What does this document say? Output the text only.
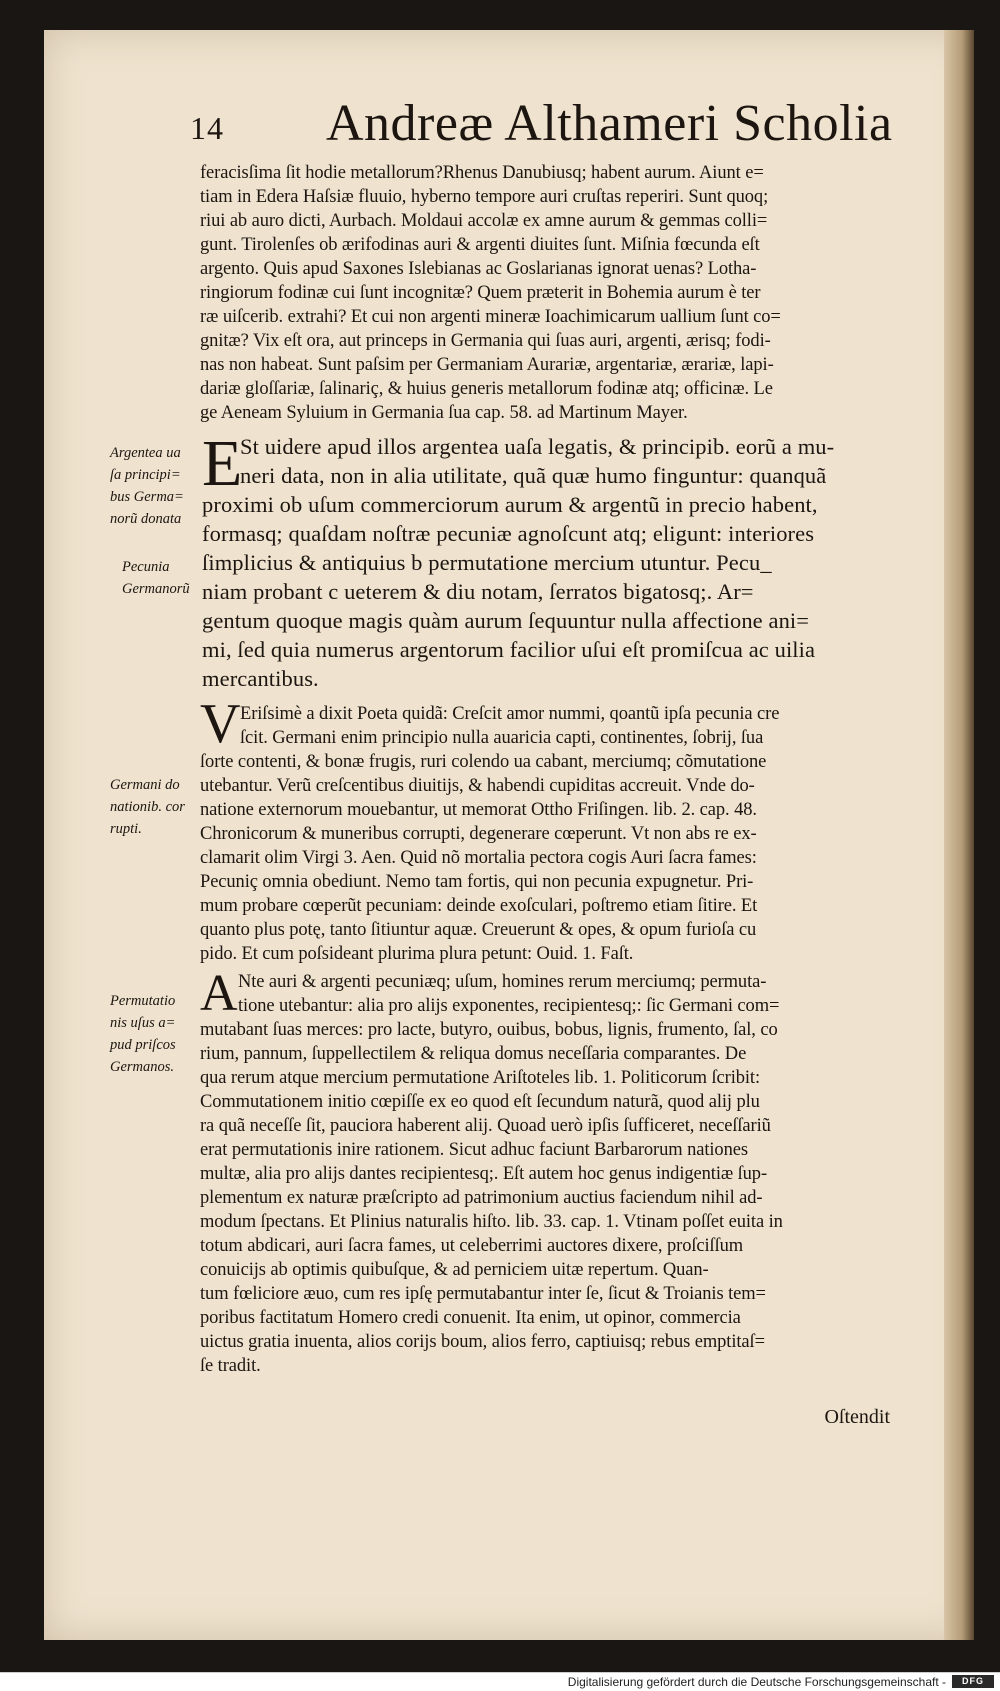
14 Andreæ Althameri Scholia
feracisſima ſit hodie metallorum?Rhenus Danubiusq; habent aurum. Aiunt e=
tiam in Edera Haſsiæ fluuio, hyberno tempore auri cruſtas reperiri. Sunt quoq;
riui ab auro dicti, Aurbach. Moldaui accolæ ex amne aurum & gemmas colli=
gunt. Tirolenſes ob ærifodinas auri & argenti diuites ſunt. Miſnia fœcunda eſt
argento. Quis apud Saxones Islebianas ac Goslarianas ignorat uenas? Lotha-
ringiorum fodinæ cui ſunt incognitæ? Quem præterit in Bohemia aurum è ter
ræ uiſcerib. extrahi? Et cui non argenti mineræ Ioachimicarum uallium ſunt co=
gnitæ? Vix eſt ora, aut princeps in Germania qui ſuas auri, argenti, ærisq; fodi-
nas non habeat. Sunt paſsim per Germaniam Aurariæ, argentariæ, ærariæ, lapi-
dariæ gloſſariæ, ſalinariç, & huius generis metallorum fodinæ atq; officinæ. Le
ge Aeneam Syluium in Germania ſua cap. 58. ad Martinum Mayer.
E
St uidere apud illos argentea uaſa legatis, & principib. eorũ a mu-
neri data, non in alia utilitate, quã quæ humo finguntur: quanquã
proximi ob uſum commerciorum aurum & argentũ in precio habent,
formasq; quaſdam noſtræ pecuniæ agnoſcunt atq; eligunt: interiores
ſimplicius & antiquius b permutatione mercium utuntur. Pecu_
niam probant c ueterem & diu notam, ſerratos bigatosq;. Ar=
gentum quoque magis quàm aurum ſequuntur nulla affectione ani=
mi, ſed quia numerus argentorum facilior uſui eſt promiſcua ac uilia
mercantibus.
V Eriſsimè a dixit Poeta quidã: Creſcit amor nummi, qoantũ ipſa pecunia cre
ſcit. Germani enim principio nulla auaricia capti, continentes, ſobrij, ſua
ſorte contenti, & bonæ frugis, ruri colendo ua cabant, merciumq; cõmutatione
utebantur. Verũ creſcentibus diuitijs, & habendi cupiditas accreuit. Vnde do-
natione externorum mouebantur, ut memorat Ottho Friſingen. lib. 2. cap. 48.
Chronicorum & muneribus corrupti, degenerare cœperunt. Vt non abs re ex-
clamarit olim Virgi 3. Aen. Quid nõ mortalia pectora cogis Auri ſacra fames:
Pecuniç omnia obediunt. Nemo tam fortis, qui non pecunia expugnetur. Pri-
mum probare cœperũt pecuniam: deinde exoſculari, poſtremo etiam ſitire. Et
quanto plus potę, tanto ſitiuntur aquæ. Creuerunt & opes, & opum furioſa cu
pido. Et cum poſsideant plurima plura petunt: Ouid. 1. Faſt.
A Nte auri & argenti pecuniæq; uſum, homines rerum merciumq; permuta-
tione utebantur: alia pro alijs exponentes, recipientesq;: ſic Germani com=
mutabant ſuas merces: pro lacte, butyro, ouibus, bobus, lignis, frumento, ſal, co
rium, pannum, ſuppellectilem & reliqua domus neceſſaria comparantes. De
qua rerum atque mercium permutatione Ariſtoteles lib. 1. Politicorum ſcribit:
Commutationem initio cœpiſſe ex eo quod eſt ſecundum naturã, quod alij plu
ra quã neceſſe ſit, pauciora haberent alij. Quoad uerò ipſis ſufficeret, neceſſariũ
erat permutationis inire rationem. Sicut adhuc faciunt Barbarorum nationes
multæ, alia pro alijs dantes recipientesq;. Eſt autem hoc genus indigentiæ ſup-
plementum ex naturæ præſcripto ad patrimonium auctius faciendum nihil ad-
modum ſpectans. Et Plinius naturalis hiſto. lib. 33. cap. 1. Vtinam poſſet euita in
totum abdicari, auri ſacra fames, ut celeberrimi auctores dixere, proſciſſum
conuicijs ab optimis quibuſque, & ad perniciem uitæ repertum. Quan-
tum fœliciore æuo, cum res ipſę permutabantur inter ſe, ſicut & Troianis tem=
poribus factitatum Homero credi conuenit. Ita enim, ut opinor, commercia
uictus gratia inuenta, alios corijs boum, alios ferro, captiuisq; rebus emptitaſ=
ſe tradit.
Argentea ua
ſa principi=
bus Germa=
norũ donata
Pecunia
Germanorũ
Germani do
nationib. cor
rupti.
Permutatio
nis uſus a=
pud priſcos
Germanos.
Oſtendit
Digitalisierung gefördert durch die Deutsche Forschungsgemeinschaft -	DFG
